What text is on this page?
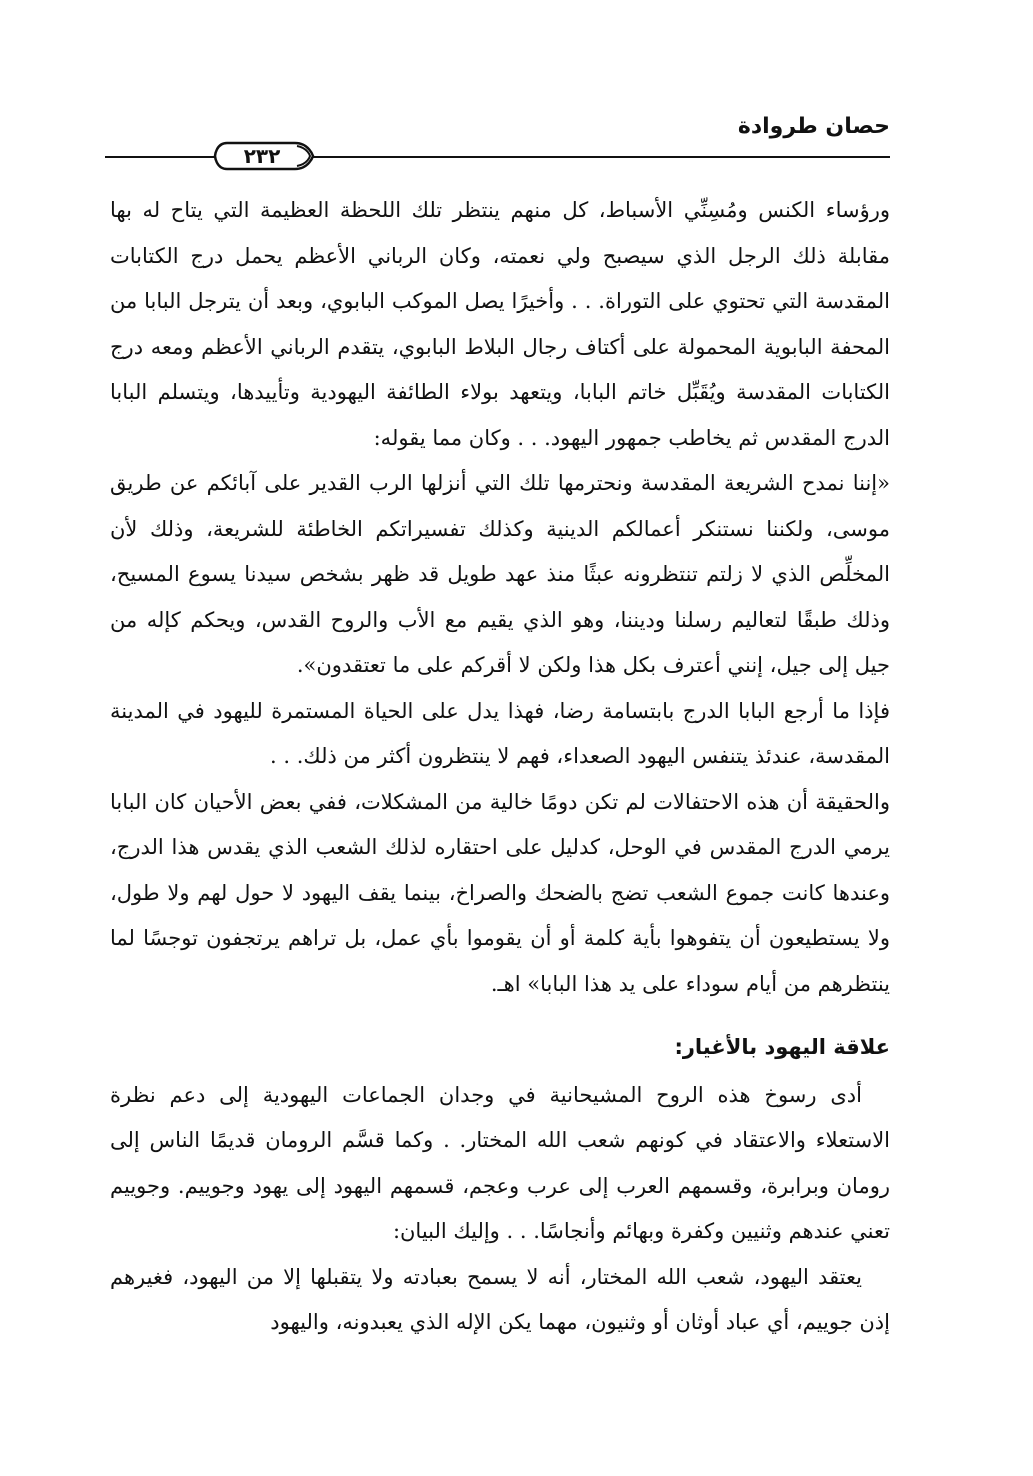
حصان طروادة
٢٣٢

ورؤساء الكنس ومُسِنِّي الأسباط، كل منهم ينتظر تلك اللحظة العظيمة التي يتاح له بها مقابلة ذلك الرجل الذي سيصبح ولي نعمته، وكان الرباني الأعظم يحمل درج الكتابات المقدسة التي تحتوي على التوراة. . . وأخيرًا يصل الموكب البابوي، وبعد أن يترجل البابا من المحفة البابوية المحمولة على أكتاف رجال البلاط البابوي، يتقدم الرباني الأعظم ومعه درج الكتابات المقدسة ويُقَبِّل خاتم البابا، ويتعهد بولاء الطائفة اليهودية وتأييدها، ويتسلم البابا الدرج المقدس ثم يخاطب جمهور اليهود. . . وكان مما يقوله:

«إننا نمدح الشريعة المقدسة ونحترمها تلك التي أنزلها الرب القدير على آبائكم عن طريق موسى، ولكننا نستنكر أعمالكم الدينية وكذلك تفسيراتكم الخاطئة للشريعة، وذلك لأن المخلِّص الذي لا زلتم تنتظرونه عبثًا منذ عهد طويل قد ظهر بشخص سيدنا يسوع المسيح، وذلك طبقًا لتعاليم رسلنا وديننا، وهو الذي يقيم مع الأب والروح القدس، ويحكم كإله من جيل إلى جيل، إنني أعترف بكل هذا ولكن لا أقركم على ما تعتقدون».

فإذا ما أرجع البابا الدرج بابتسامة رضا، فهذا يدل على الحياة المستمرة لليهود في المدينة المقدسة، عندئذ يتنفس اليهود الصعداء، فهم لا ينتظرون أكثر من ذلك. . .

والحقيقة أن هذه الاحتفالات لم تكن دومًا خالية من المشكلات، ففي بعض الأحيان كان البابا يرمي الدرج المقدس في الوحل، كدليل على احتقاره لذلك الشعب الذي يقدس هذا الدرج، وعندها كانت جموع الشعب تضج بالضحك والصراخ، بينما يقف اليهود لا حول لهم ولا طول، ولا يستطيعون أن يتفوهوا بأية كلمة أو أن يقوموا بأي عمل، بل تراهم يرتجفون توجسًا لما ينتظرهم من أيام سوداء على يد هذا البابا» اهـ.

علاقة اليهود بالأغيار:

أدى رسوخ هذه الروح المشيحانية في وجدان الجماعات اليهودية إلى دعم نظرة الاستعلاء والاعتقاد في كونهم شعب الله المختار. . وكما قسَّم الرومان قديمًا الناس إلى رومان وبرابرة، وقسمهم العرب إلى عرب وعجم، قسمهم اليهود إلى يهود وجوييم. وجوييم تعني عندهم وثنيين وكفرة وبهائم وأنجاسًا. . . وإليك البيان:

يعتقد اليهود، شعب الله المختار، أنه لا يسمح بعبادته ولا يتقبلها إلا من اليهود، فغيرهم إذن جوييم، أي عباد أوثان أو وثنيون، مهما يكن الإله الذي يعبدونه، واليهود
